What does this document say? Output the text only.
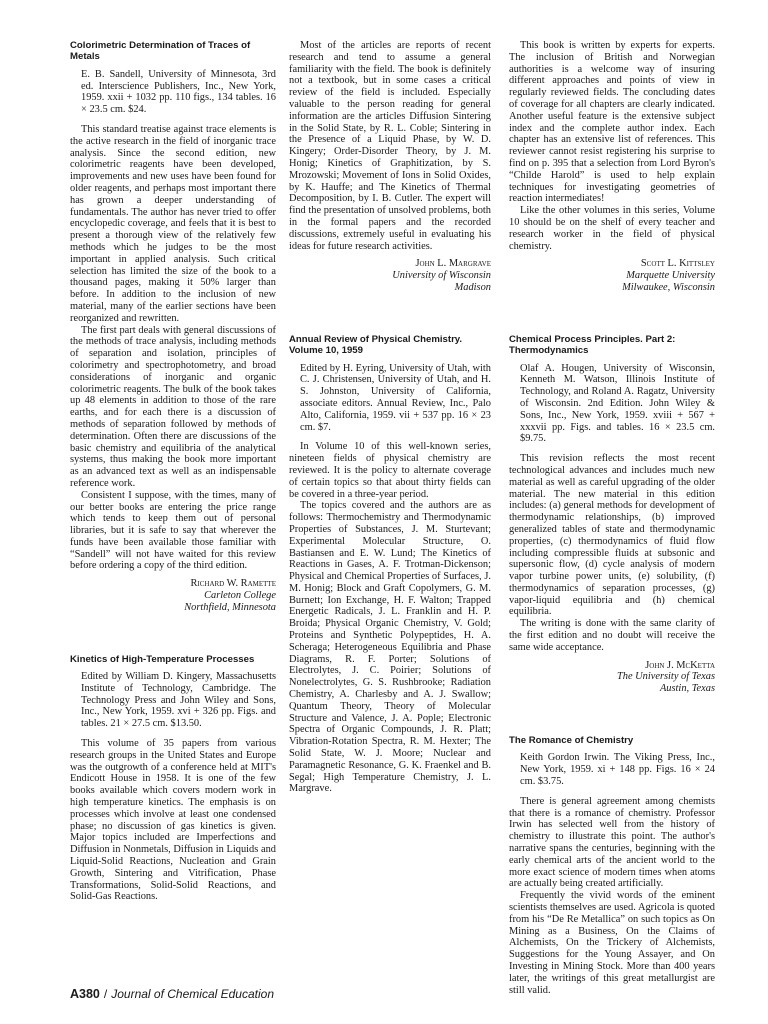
Colorimetric Determination of Traces of Metals
E. B. Sandell, University of Minnesota, 3rd ed. Interscience Publishers, Inc., New York, 1959. xxii + 1032 pp. 110 figs., 134 tables. 16 × 23.5 cm. $24.

This standard treatise against trace elements is the active research in the field of inorganic trace analysis. Since the second edition, new colorimetric reagents have been developed, improvements and new uses have been found for older reagents, and perhaps most important there has grown a deeper understanding of fundamentals. The author has never tried to offer encyclopedic coverage, and feels that it is best to present a thorough view of the relatively few methods which he judges to be the most important in applied analysis. Such critical selection has limited the size of the book to a thousand pages, making it 50% larger than before. In addition to the inclusion of new material, many of the earlier sections have been reorganized and rewritten.

The first part deals with general discussions of the methods of trace analysis, including methods of separation and isolation, principles of colorimetry and spectrophotometry, and broad considerations of inorganic and organic colorimetric reagents. The bulk of the book takes up 48 elements in addition to those of the rare earths, and for each there is a discussion of methods of separation followed by methods of determination. Often there are discussions of the basic chemistry and equilibria of the analytical systems, thus making the book more important as an advanced text as well as an indispensable reference work.

Consistent I suppose, with the times, many of our better books are entering the price range which tends to keep them out of personal libraries, but it is safe to say that wherever the funds have been available those familiar with “Sandell” will not have waited for this review before ordering a copy of the third edition.

Richard W. Ramette
Carleton College
Northfield, Minnesota
Kinetics of High-Temperature Processes
Edited by William D. Kingery, Massachusetts Institute of Technology, Cambridge. The Technology Press and John Wiley and Sons, Inc., New York, 1959. xvi + 326 pp. Figs. and tables. 21 × 27.5 cm. $13.50.

This volume of 35 papers from various research groups in the United States and Europe was the outgrowth of a conference held at MIT's Endicott House in 1958. It is one of the few books available which covers modern work in high temperature kinetics. The emphasis is on processes which involve at least one condensed phase; no discussion of gas kinetics is given. Major topics included are Imperfections and Diffusion in Nonmetals, Diffusion in Liquids and Liquid-Solid Reactions, Nucleation and Grain Growth, Sintering and Vitrification, Phase Transformations, Solid-Solid Reactions, and Solid-Gas Reactions.

Most of the articles are reports of recent research and tend to assume a general familiarity with the field. The book is definitely not a textbook, but in some cases a critical review of the field is included. Especially valuable to the person reading for general information are the articles Diffusion Sintering in the Solid State, by R. L. Coble; Sintering in the Presence of a Liquid Phase, by W. D. Kingery; Order-Disorder Theory, by J. M. Honig; Kinetics of Graphitization, by S. Mrozowski; Movement of Ions in Solid Oxides, by K. Hauffe; and The Kinetics of Thermal Decomposition, by I. B. Cutler. The expert will find the presentation of unsolved problems, both in the formal papers and the recorded discussions, extremely useful in evaluating his ideas for future research activities.

John L. Margrave
University of Wisconsin
Madison
Annual Review of Physical Chemistry. Volume 10, 1959
Edited by H. Eyring, University of Utah, with C. J. Christensen, University of Utah, and H. S. Johnston, University of California, associate editors. Annual Review, Inc., Palo Alto, California, 1959. vii + 537 pp. 16 × 23 cm. $7.

In Volume 10 of this well-known series, nineteen fields of physical chemistry are reviewed. It is the policy to alternate coverage of certain topics so that about thirty fields can be covered in a three-year period.

The topics covered and the authors are as follows: Thermochemistry and Thermodynamic Properties of Substances, J. M. Sturtevant; Experimental Molecular Structure, O. Bastiansen and E. W. Lund; The Kinetics of Reactions in Gases, A. F. Trotman-Dickenson; Physical and Chemical Properties of Surfaces, J. M. Honig; Block and Graft Copolymers, G. M. Burnett; Ion Exchange, H. F. Walton; Trapped Energetic Radicals, J. L. Franklin and H. P. Broida; Physical Organic Chemistry, V. Gold; Proteins and Synthetic Polypeptides, H. A. Scheraga; Heterogeneous Equilibria and Phase Diagrams, R. F. Porter; Solutions of Electrolytes, J. C. Poirier; Solutions of Nonelectrolytes, G. S. Rushbrooke; Radiation Chemistry, A. Charlesby and A. J. Swallow; Quantum Theory, Theory of Molecular Structure and Valence, J. A. Pople; Electronic Spectra of Organic Compounds, J. R. Platt; Vibration-Rotation Spectra, R. M. Hexter; The Solid State, W. J. Moore; Nuclear and Paramagnetic Resonance, G. K. Fraenkel and B. Segal; High Temperature Chemistry, J. L. Margrave.

This book is written by experts for experts. The inclusion of British and Norwegian authorities is a welcome way of insuring different approaches and points of view in regularly reviewed fields. The concluding dates of coverage for all chapters are clearly indicated. Another useful feature is the extensive subject index and the complete author index. Each chapter has an extensive list of references. This reviewer cannot resist registering his surprise to find on p. 395 that a selection from Lord Byron's “Childe Harold” is used to help explain techniques for investigating geometries of reaction intermediates!

Like the other volumes in this series, Volume 10 should be on the shelf of every teacher and research worker in the field of physical chemistry.

Scott L. Kittsley
Marquette University
Milwaukee, Wisconsin
Chemical Process Principles. Part 2: Thermodynamics
Olaf A. Hougen, University of Wisconsin, Kenneth M. Watson, Illinois Institute of Technology, and Roland A. Ragatz, University of Wisconsin. 2nd Edition. John Wiley & Sons, Inc., New York, 1959. xviii + 567 + xxxvii pp. Figs. and tables. 16 × 23.5 cm. $9.75.

This revision reflects the most recent technological advances and includes much new material as well as careful upgrading of the older material. The new material in this edition includes: (a) general methods for development of thermodynamic relationships, (b) improved generalized tables of state and thermodynamic properties, (c) thermodynamics of fluid flow including compressible fluids at subsonic and supersonic flow, (d) cycle analysis of modern vapor turbine power units, (e) solubility, (f) thermodynamics of separation processes, (g) vapor-liquid equilibria and (h) chemical equilibria.

The writing is done with the same clarity of the first edition and no doubt will receive the same wide acceptance.

John J. McKetta
The University of Texas
Austin, Texas
The Romance of Chemistry
Keith Gordon Irwin. The Viking Press, Inc., New York, 1959. xi + 148 pp. Figs. 16 × 24 cm. $3.75.

There is general agreement among chemists that there is a romance of chemistry. Professor Irwin has selected well from the history of chemistry to illustrate this point. The author's narrative spans the centuries, beginning with the early chemical arts of the ancient world to the more exact science of modern times when atoms are actually being created artificially.

Frequently the vivid words of the eminent scientists themselves are used. Agricola is quoted from his “De Re Metallica” on such topics as On Mining as a Business, On the Claims of Alchemists, On the Trickery of Alchemists, Suggestions for the Young Assayer, and On Investing in Mining Stock. More than 400 years later, the writings of this great metallurgist are still valid.

A380 / Journal of Chemical Education
